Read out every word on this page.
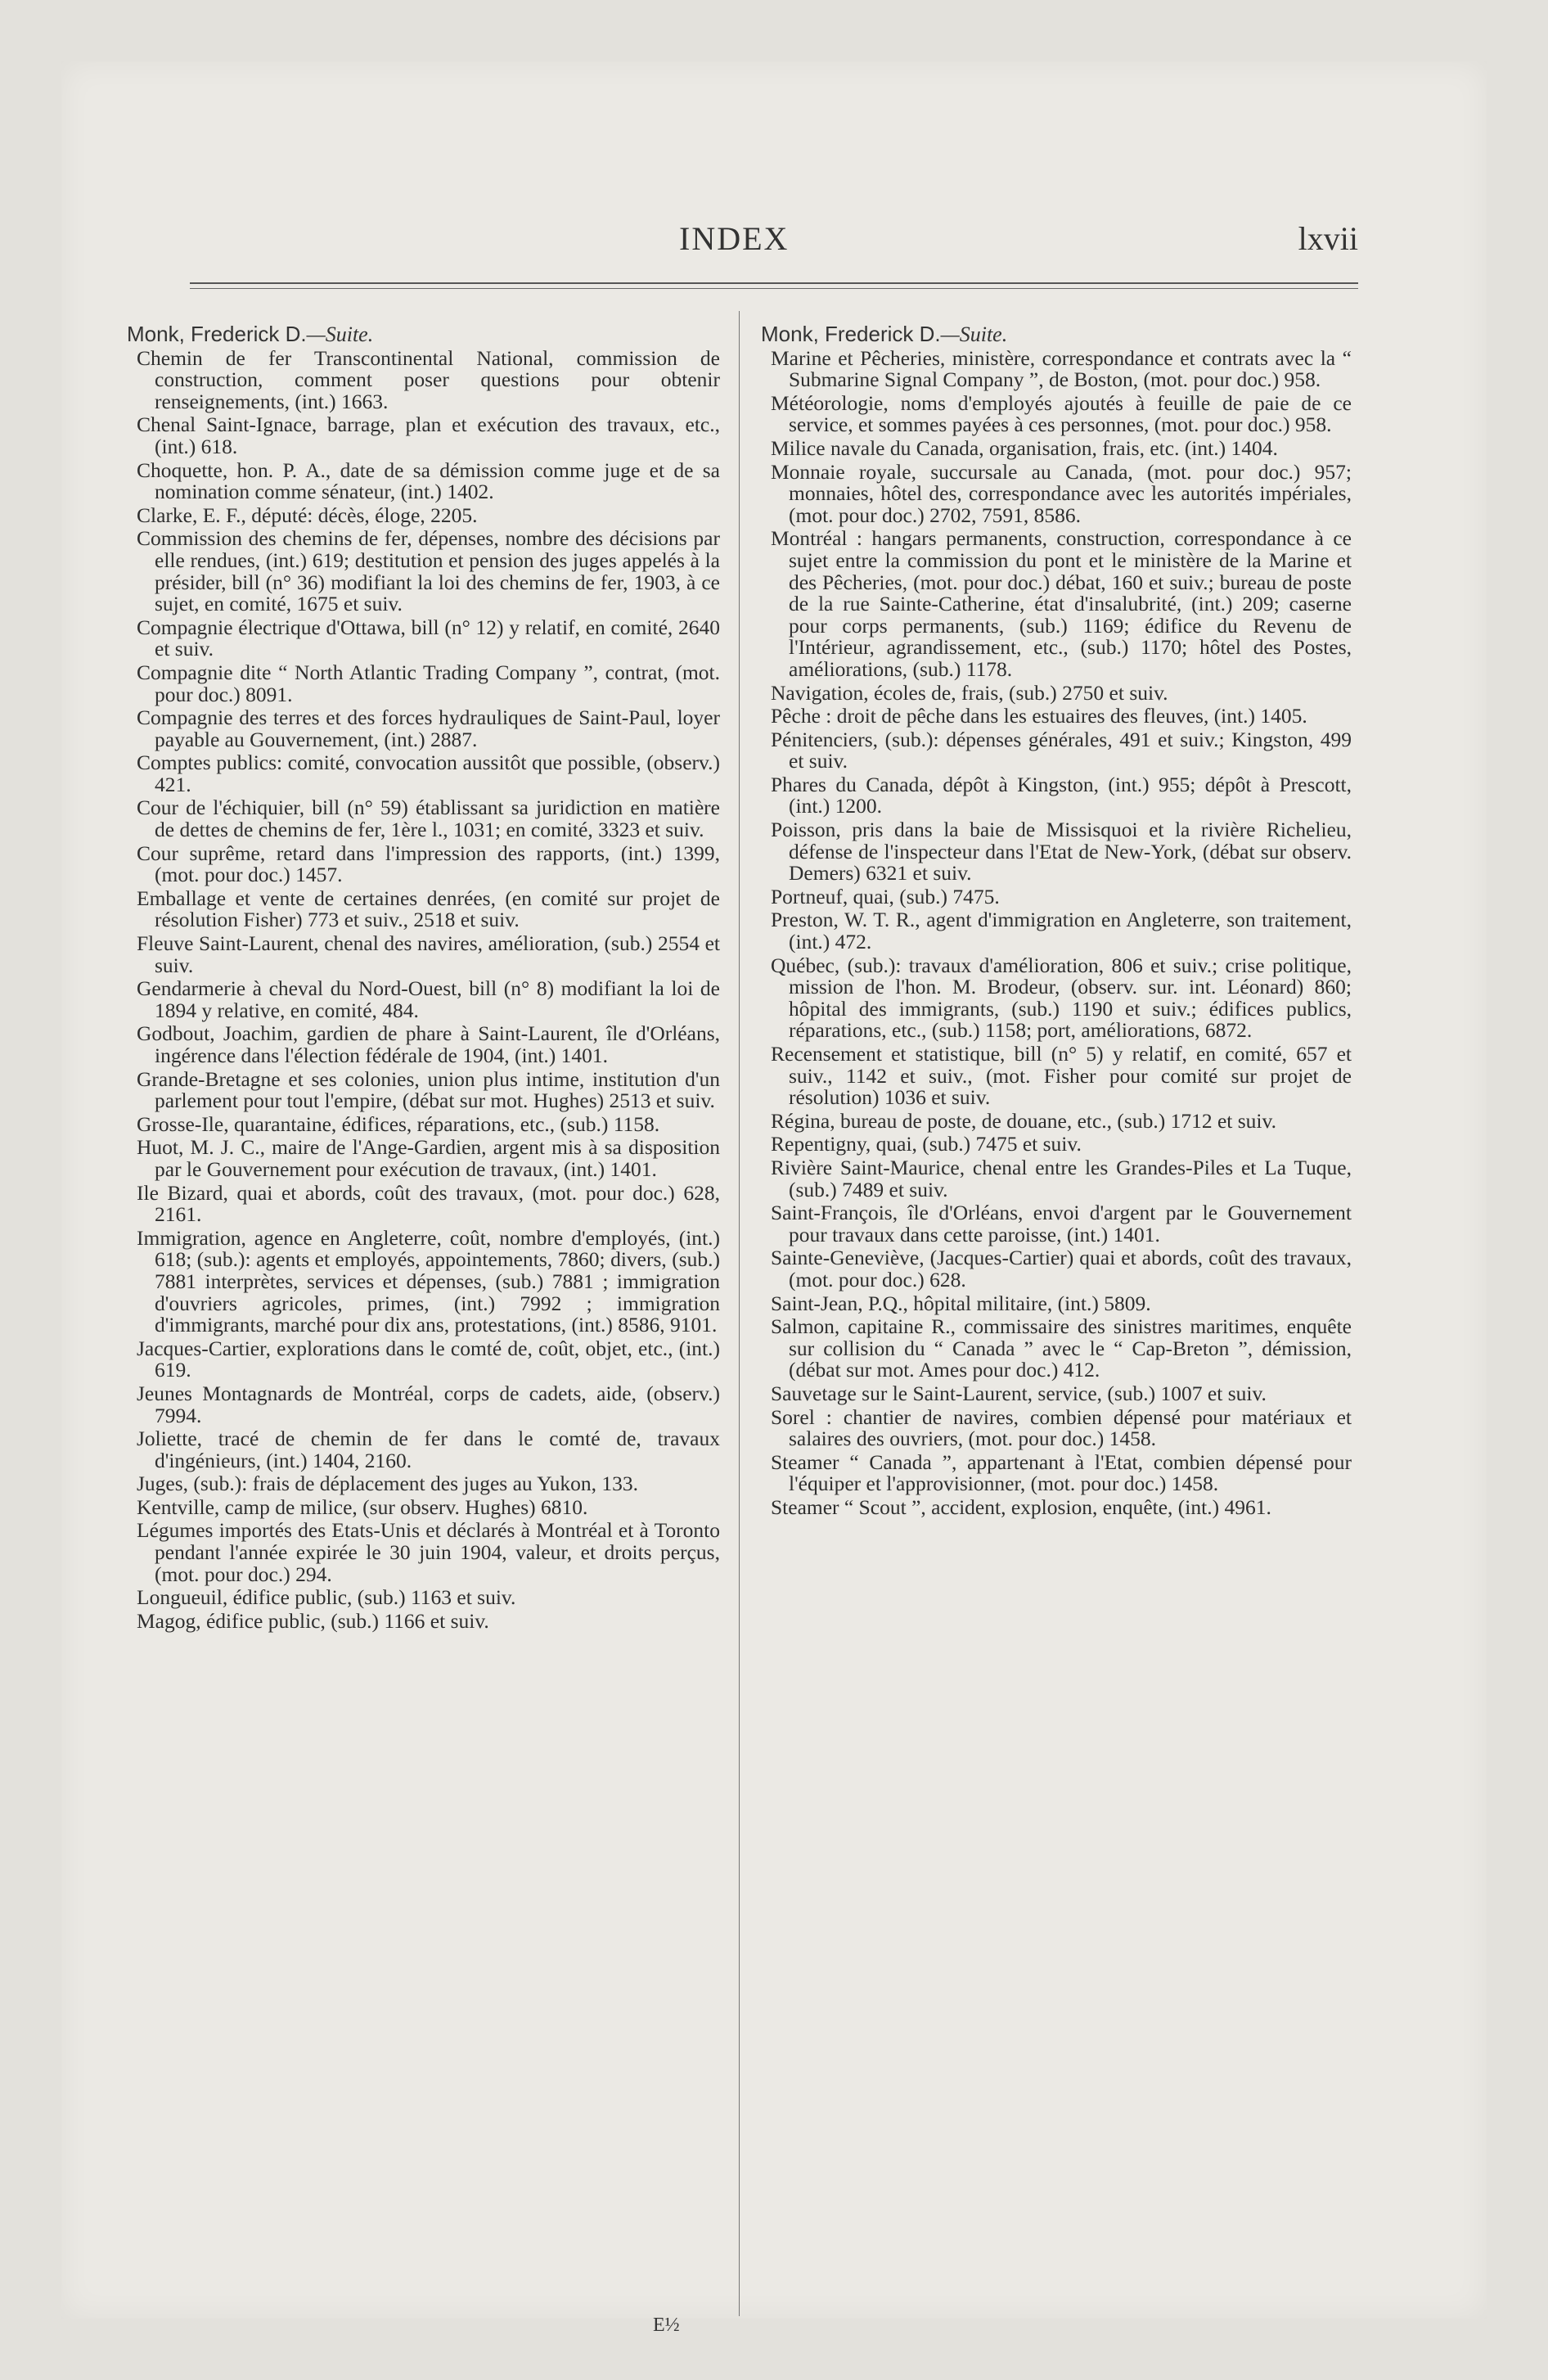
INDEX	lxvii
Monk, Frederick D.—Suite.
Chemin de fer Transcontinental National, commission de construction, comment poser questions pour obtenir renseignements, (int.) 1663.
Chenal Saint-Ignace, barrage, plan et exécution des travaux, etc., (int.) 618.
Choquette, hon. P. A., date de sa démission comme juge et de sa nomination comme sénateur, (int.) 1402.
Clarke, E. F., député: décès, éloge, 2205.
Commission des chemins de fer, dépenses, nombre des décisions par elle rendues, (int.) 619; destitution et pension des juges appelés à la présider, bill (n° 36) modifiant la loi des chemins de fer, 1903, à ce sujet, en comité, 1675 et suiv.
Compagnie électrique d'Ottawa, bill (n° 12) y relatif, en comité, 2640 et suiv.
Compagnie dite “ North Atlantic Trading Company ”, contrat, (mot. pour doc.) 8091.
Compagnie des terres et des forces hydrauliques de Saint-Paul, loyer payable au Gouvernement, (int.) 2887.
Comptes publics: comité, convocation aussitôt que possible, (observ.) 421.
Cour de l'échiquier, bill (n° 59) établissant sa juridiction en matière de dettes de chemins de fer, 1ère l., 1031; en comité, 3323 et suiv.
Cour suprême, retard dans l'impression des rapports, (int.) 1399, (mot. pour doc.) 1457.
Emballage et vente de certaines denrées, (en comité sur projet de résolution Fisher) 773 et suiv., 2518 et suiv.
Fleuve Saint-Laurent, chenal des navires, amélioration, (sub.) 2554 et suiv.
Gendarmerie à cheval du Nord-Ouest, bill (n° 8) modifiant la loi de 1894 y relative, en comité, 484.
Godbout, Joachim, gardien de phare à Saint-Laurent, île d'Orléans, ingérence dans l'élection fédérale de 1904, (int.) 1401.
Grande-Bretagne et ses colonies, union plus intime, institution d'un parlement pour tout l'empire, (débat sur mot. Hughes) 2513 et suiv.
Grosse-Ile, quarantaine, édifices, réparations, etc., (sub.) 1158.
Huot, M. J. C., maire de l'Ange-Gardien, argent mis à sa disposition par le Gouvernement pour exécution de travaux, (int.) 1401.
Ile Bizard, quai et abords, coût des travaux, (mot. pour doc.) 628, 2161.
Immigration, agence en Angleterre, coût, nombre d'employés, (int.) 618; (sub.): agents et employés, appointements, 7860; divers, (sub.) 7881 interprètes, services et dépenses, (sub.) 7881 ; immigration d'ouvriers agricoles, primes, (int.) 7992 ; immigration d'immigrants, marché pour dix ans, protestations, (int.) 8586, 9101.
Jacques-Cartier, explorations dans le comté de, coût, objet, etc., (int.) 619.
Jeunes Montagnards de Montréal, corps de cadets, aide, (observ.) 7994.
Joliette, tracé de chemin de fer dans le comté de, travaux d'ingénieurs, (int.) 1404, 2160.
Juges, (sub.): frais de déplacement des juges au Yukon, 133.
Kentville, camp de milice, (sur observ. Hughes) 6810.
Légumes importés des Etats-Unis et déclarés à Montréal et à Toronto pendant l'année expirée le 30 juin 1904, valeur, et droits perçus, (mot. pour doc.) 294.
Longueuil, édifice public, (sub.) 1163 et suiv.
Magog, édifice public, (sub.) 1166 et suiv.
Monk, Frederick D.—Suite.
Marine et Pêcheries, ministère, correspondance et contrats avec la “ Submarine Signal Company ”, de Boston, (mot. pour doc.) 958.
Météorologie, noms d'employés ajoutés à feuille de paie de ce service, et sommes payées à ces personnes, (mot. pour doc.) 958.
Milice navale du Canada, organisation, frais, etc. (int.) 1404.
Monnaie royale, succursale au Canada, (mot. pour doc.) 957; monnaies, hôtel des, correspondance avec les autorités impériales, (mot. pour doc.) 2702, 7591, 8586.
Montréal : hangars permanents, construction, correspondance à ce sujet entre la commission du pont et le ministère de la Marine et des Pêcheries, (mot. pour doc.) débat, 160 et suiv.; bureau de poste de la rue Sainte-Catherine, état d'insalubrité, (int.) 209; caserne pour corps permanents, (sub.) 1169; édifice du Revenu de l'Intérieur, agrandissement, etc., (sub.) 1170; hôtel des Postes, améliorations, (sub.) 1178.
Navigation, écoles de, frais, (sub.) 2750 et suiv.
Pêche : droit de pêche dans les estuaires des fleuves, (int.) 1405.
Pénitenciers, (sub.): dépenses générales, 491 et suiv.; Kingston, 499 et suiv.
Phares du Canada, dépôt à Kingston, (int.) 955; dépôt à Prescott, (int.) 1200.
Poisson, pris dans la baie de Missisquoi et la rivière Richelieu, défense de l'inspecteur dans l'Etat de New-York, (débat sur observ. Demers) 6321 et suiv.
Portneuf, quai, (sub.) 7475.
Preston, W. T. R., agent d'immigration en Angleterre, son traitement, (int.) 472.
Québec, (sub.): travaux d'amélioration, 806 et suiv.; crise politique, mission de l'hon. M. Brodeur, (observ. sur. int. Léonard) 860; hôpital des immigrants, (sub.) 1190 et suiv.; édifices publics, réparations, etc., (sub.) 1158; port, améliorations, 6872.
Recensement et statistique, bill (n° 5) y relatif, en comité, 657 et suiv., 1142 et suiv., (mot. Fisher pour comité sur projet de résolution) 1036 et suiv.
Régina, bureau de poste, de douane, etc., (sub.) 1712 et suiv.
Repentigny, quai, (sub.) 7475 et suiv.
Rivière Saint-Maurice, chenal entre les Grandes-Piles et La Tuque, (sub.) 7489 et suiv.
Saint-François, île d'Orléans, envoi d'argent par le Gouvernement pour travaux dans cette paroisse, (int.) 1401.
Sainte-Geneviève, (Jacques-Cartier) quai et abords, coût des travaux, (mot. pour doc.) 628.
Saint-Jean, P.Q., hôpital militaire, (int.) 5809.
Salmon, capitaine R., commissaire des sinistres maritimes, enquête sur collision du “ Canada ” avec le “ Cap-Breton ”, démission, (débat sur mot. Ames pour doc.) 412.
Sauvetage sur le Saint-Laurent, service, (sub.) 1007 et suiv.
Sorel : chantier de navires, combien dépensé pour matériaux et salaires des ouvriers, (mot. pour doc.) 1458.
Steamer “ Canada ”, appartenant à l'Etat, combien dépensé pour l'équiper et l'approvisionner, (mot. pour doc.) 1458.
Steamer “ Scout ”, accident, explosion, enquête, (int.) 4961.
E½
